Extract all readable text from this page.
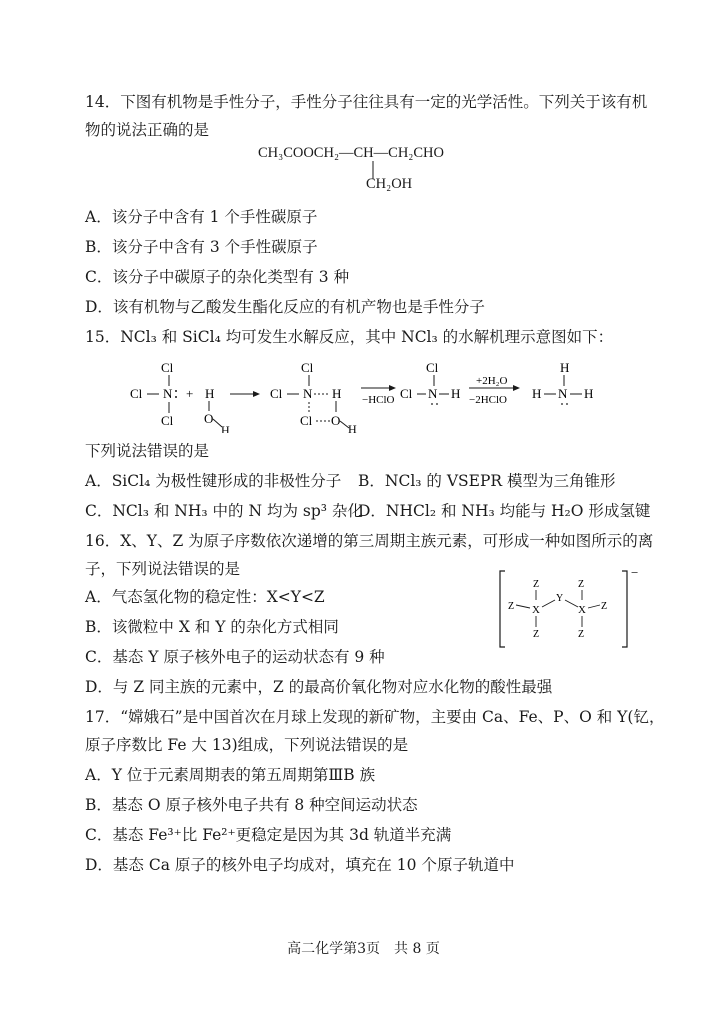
14．下图有机物是手性分子，手性分子往往具有一定的光学活性。下列关于该有机
物的说法正确的是
CH₃COOCH₂—CH—CH₂CHO
CH₂OH
A．该分子中含有 1 个手性碳原子
B．该分子中含有 3 个手性碳原子
C．该分子中碳原子的杂化类型有 3 种
D．该有机物与乙酸发生酯化反应的有机产物也是手性分子
15．NCl₃ 和 SiCl₄ 均可发生水解反应，其中 NCl₃ 的水解机理示意图如下：
Cl
Cl N
Cl
+ H
O
H
Cl
Cl N H
Cl O
H
−HClO
Cl
Cl N H
+2H₂O
−2HClO
H
H N H
下列说法错误的是
A．SiCl₄ 为极性键形成的非极性分子 B．NCl₃ 的 VSEPR 模型为三角锥形
C．NCl₃ 和 NH₃ 中的 N 均为 sp³ 杂化
D．NHCl₂ 和 NH₃ 均能与 H₂O 形成氢键
16．X、Y、Z 为原子序数依次递增的第三周期主族元素，可形成一种如图所示的离
子，下列说法错误的是	−
Z
Z X
Z
Y
Z
X Z
Z
A．气态氢化物的稳定性：X<Y<Z
B．该微粒中 X 和 Y 的杂化方式相同
C．基态 Y 原子核外电子的运动状态有 9 种
D．与 Z 同主族的元素中，Z 的最高价氧化物对应水化物的酸性最强
17．“嫦娥石”是中国首次在月球上发现的新矿物，主要由 Ca、Fe、P、O 和 Y(钇，
原子序数比 Fe 大 13)组成，下列说法错误的是
A．Y 位于元素周期表的第五周期第ⅢB 族
B．基态 O 原子核外电子共有 8 种空间运动状态
C．基态 Fe³⁺比 Fe²⁺更稳定是因为其 3d 轨道半充满
D．基态 Ca 原子的核外电子均成对，填充在 10 个原子轨道中
高二化学第3页　共 8 页
